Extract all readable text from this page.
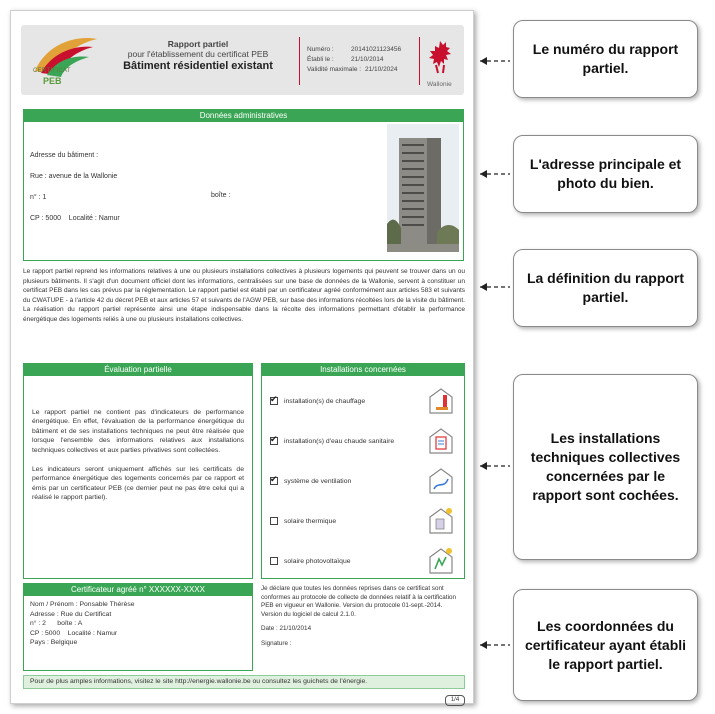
CERTIFICAT
PEB
Rapport partiel
pour l'établissement du certificat PEB
Bâtiment résidentiel existant
Numéro :	20141021123456
Établi le :	21/10/2014
Validité maximale : 21/10/2024
Wallonie
Données administratives
Adresse du bâtiment :
Rue : avenue de la Wallonie
n° : 1
CP : 5000 Localité : Namur
boîte :
Le rapport partiel reprend les informations relatives à une ou plusieurs installations collectives à plusieurs logements qui peuvent se trouver dans un ou plusieurs bâtiments. Il s'agit d'un document officiel dont les informations, centralisées sur une base de données de la Wallonie, servent à constituer un certificat PEB dans les cas prévus par la réglementation. Le rapport partiel est établi par un certificateur agréé conformément aux articles 583 et suivants du CWATUPE - à l'article 42 du décret PEB et aux articles 57 et suivants de l'AGW PEB, sur base des informations récoltées lors de la visite du bâtiment. La réalisation du rapport partiel représente ainsi une étape indispensable dans la récolte des informations permettant d'établir la performance énergétique des logements reliés à une ou plusieurs installations collectives.
Évaluation partielle

Le rapport partiel ne contient pas d'indicateurs de performance énergétique. En effet, l'évaluation de la performance énergétique du bâtiment et de ses installations techniques ne peut être réalisée que lorsque l'ensemble des informations relatives aux installations techniques collectives et aux parties privatives sont collectées.

Les indicateurs seront uniquement affichés sur les certificats de performance énergétique des logements concernés par ce rapport et émis par un certificateur PEB (ce dernier peut ne pas être celui qui a réalisé le rapport partiel).

Installations concernées
✔
installation(s) de chauffage
✔
installation(s) d'eau chaude sanitaire
✔
système de ventilation
solaire thermique
solaire photovoltaïque
Certificateur agréé n° XXXXXX-XXXX
Nom / Prénom : Ponsable Thérèse
Adresse : Rue du Certificat
n° : 2 boîte : A
CP : 5000 Localité : Namur
Pays : Belgique
Je déclare que toutes les données reprises dans ce certificat sont conformes au protocole de collecte de données relatif à la certification PEB en vigueur en Wallonie. Version du protocole 01-sept.-2014. Version du logiciel de calcul 2.1.0.
Date : 21/10/2014
Signature :
Pour de plus amples informations, visitez le site http://energie.wallonie.be ou consultez les guichets de l'énergie.
1/4
Le numéro du rapport partiel.
L'adresse principale et photo du bien.
La définition du rapport partiel.
Les installations techniques collectives concernées par le rapport sont cochées.
Les coordonnées du certificateur ayant établi le rapport partiel.
